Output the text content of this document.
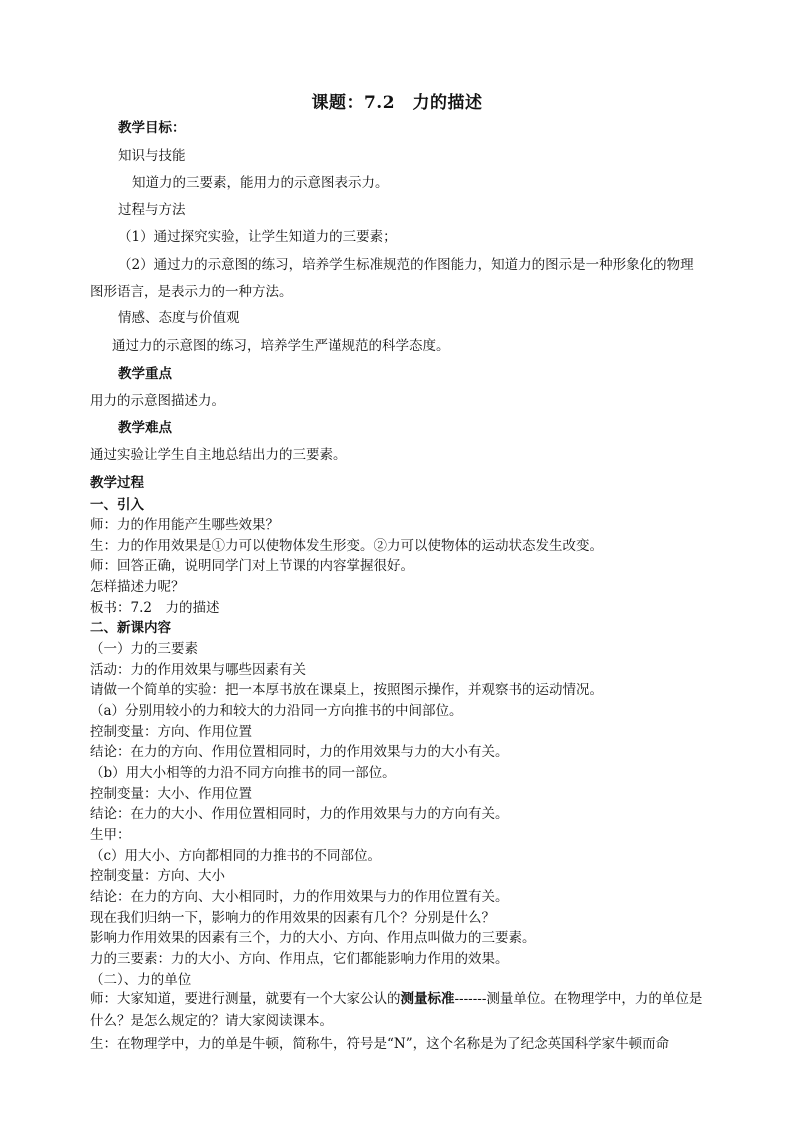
课题：7.2　力的描述
教学目标：
知识与技能
知道力的三要素，能用力的示意图表示力。
过程与方法
（1）通过探究实验，让学生知道力的三要素；
（2）通过力的示意图的练习，培养学生标准规范的作图能力，知道力的图示是一种形象化的物理图形语言，是表示力的一种方法。
情感、态度与价值观
通过力的示意图的练习，培养学生严谨规范的科学态度。
教学重点
用力的示意图描述力。
教学难点
通过实验让学生自主地总结出力的三要素。
教学过程
一、引入
师：力的作用能产生哪些效果？
生：力的作用效果是①力可以使物体发生形变。②力可以使物体的运动状态发生改变。
师：回答正确，说明同学门对上节课的内容掌握很好。
怎样描述力呢？
板书：7.2　力的描述
二、新课内容
（一）力的三要素
活动：力的作用效果与哪些因素有关
请做一个简单的实验：把一本厚书放在课桌上，按照图示操作，并观察书的运动情况。
（a）分别用较小的力和较大的力沿同一方向推书的中间部位。
控制变量：方向、作用位置
结论：在力的方向、作用位置相同时，力的作用效果与力的大小有关。
（b）用大小相等的力沿不同方向推书的同一部位。
控制变量：大小、作用位置
结论：在力的大小、作用位置相同时，力的作用效果与力的方向有关。
生甲：
（c）用大小、方向都相同的力推书的不同部位。
控制变量：方向、大小
结论：在力的方向、大小相同时，力的作用效果与力的作用位置有关。
现在我们归纳一下，影响力的作用效果的因素有几个？分别是什么？
影响力作用效果的因素有三个，力的大小、方向、作用点叫做力的三要素。
力的三要素：力的大小、方向、作用点，它们都能影响力作用的效果。
（二）、力的单位
师：大家知道，要进行测量，就要有一个大家公认的测量标准-------测量单位。在物理学中，力的单位是什么？是怎么规定的？请大家阅读课本。
生：在物理学中，力的单是牛顿，简称牛，符号是“N”，这个名称是为了纪念英国科学家牛顿而命
